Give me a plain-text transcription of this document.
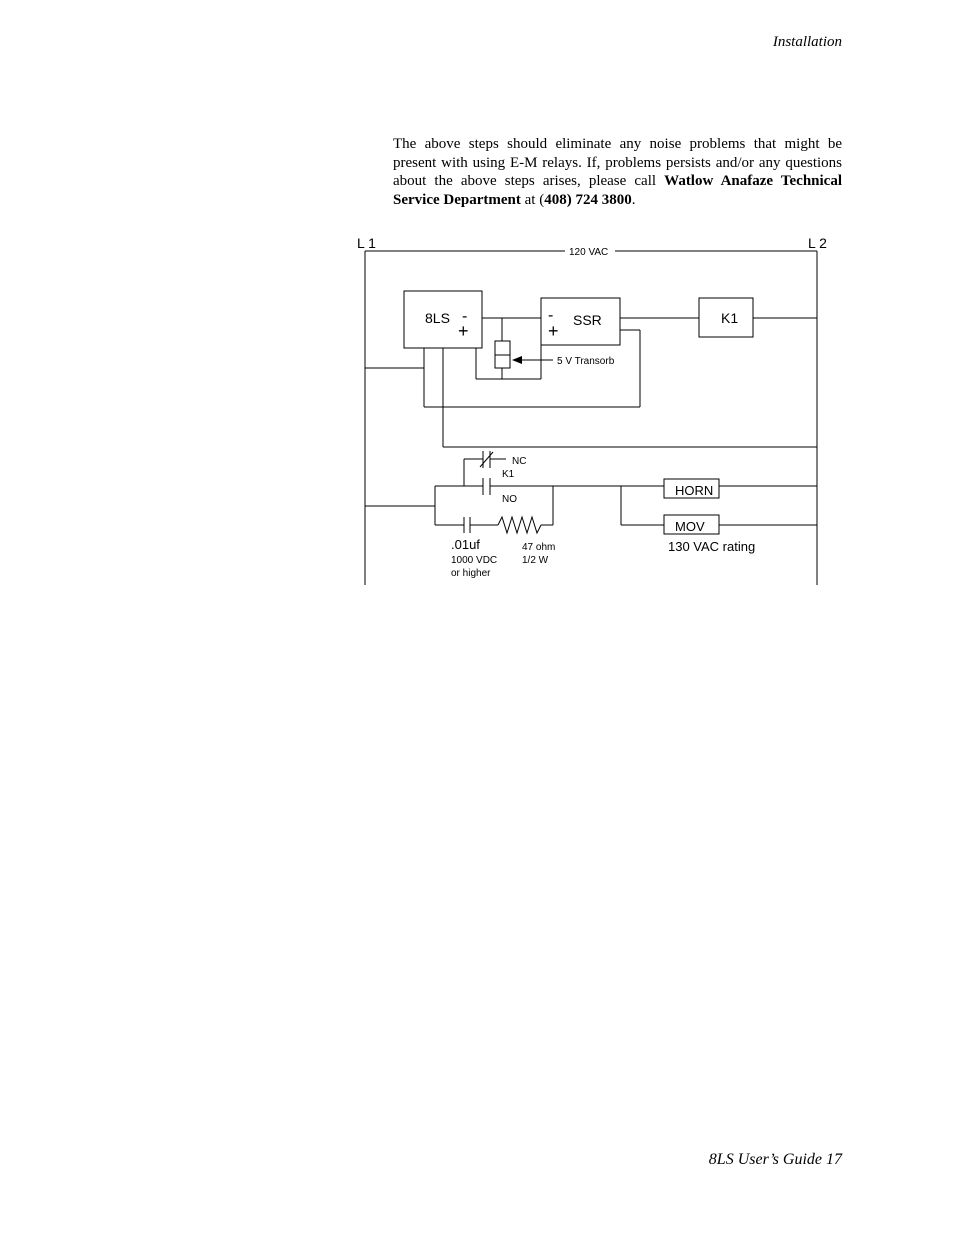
Installation

The above steps should eliminate any noise problems that might be present with using E-M relays. If, problems persists and/or any questions about the above steps arises, please call Watlow Anafaze Technical Service Department at (408) 724 3800.

L 1	L 2
120 VAC
8LS -
+
-
+
SSR	K1
5 V Transorb
NC
K1
NO
.01uf
1000 VDC
or higher
47 ohm
1/2 W
HORN
MOV
130 VAC rating
8LS User’s Guide 17
